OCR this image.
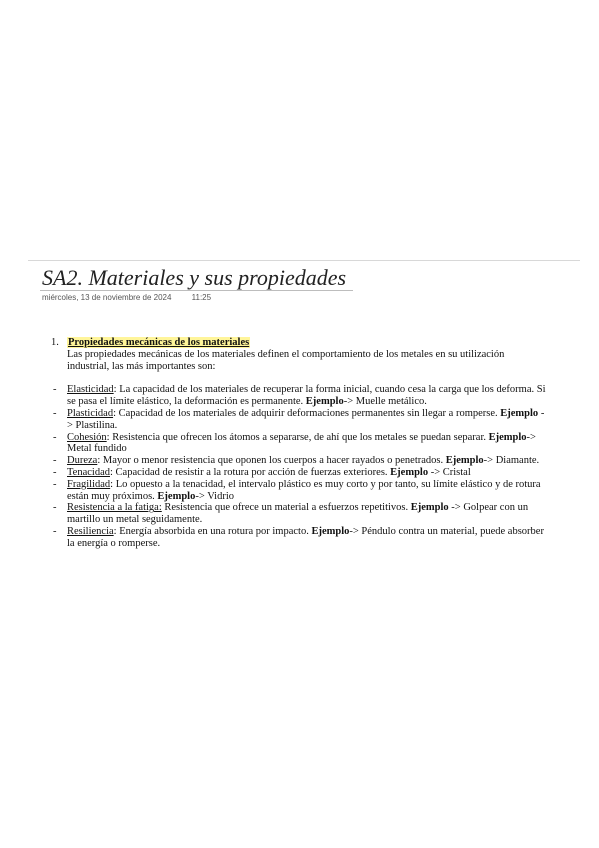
SA2. Materiales y sus propiedades
miércoles, 13 de noviembre de 2024	11:25
1. Propiedades mecánicas de los materiales
Las propiedades mecánicas de los materiales definen el comportamiento de los metales en su utilización industrial, las más importantes son:
- Elasticidad: La capacidad de los materiales de recuperar la forma inicial, cuando cesa la carga que los deforma. Si se pasa el límite elástico, la deformación es permanente. Ejemplo-> Muelle metálico.
- Plasticidad: Capacidad de los materiales de adquirir deformaciones permanentes sin llegar a romperse. Ejemplo -> Plastilina.
- Cohesión: Resistencia que ofrecen los átomos a separarse, de ahí que los metales se puedan separar. Ejemplo-> Metal fundido
- Dureza: Mayor o menor resistencia que oponen los cuerpos a hacer rayados o penetrados. Ejemplo-> Diamante.
- Tenacidad: Capacidad de resistir a la rotura por acción de fuerzas exteriores. Ejemplo -> Cristal
- Fragilidad: Lo opuesto a la tenacidad, el intervalo plástico es muy corto y por tanto, su límite elástico y de rotura están muy próximos. Ejemplo-> Vidrio
- Resistencia a la fatiga: Resistencia que ofrece un material a esfuerzos repetitivos. Ejemplo -> Golpear con un martillo un metal seguidamente.
- Resiliencia: Energía absorbida en una rotura por impacto. Ejemplo-> Péndulo contra un material, puede absorber la energía o romperse.
